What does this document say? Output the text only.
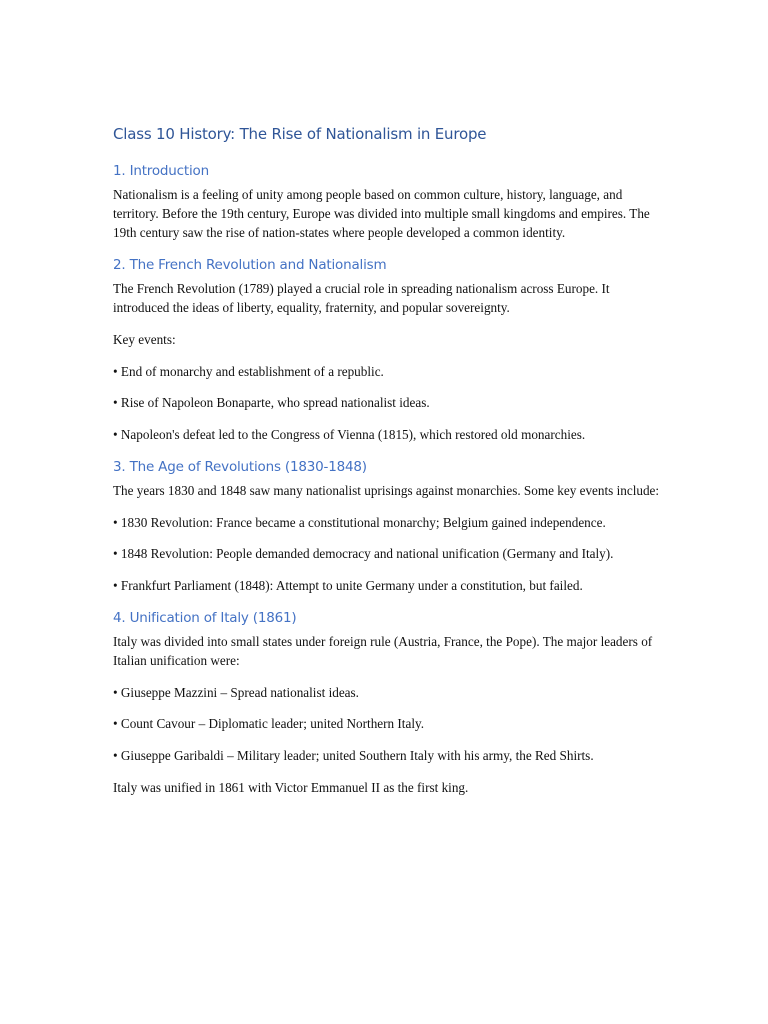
Class 10 History: The Rise of Nationalism in Europe
1. Introduction

Nationalism is a feeling of unity among people based on common culture, history, language, and territory. Before the 19th century, Europe was divided into multiple small kingdoms and empires. The 19th century saw the rise of nation-states where people developed a common identity.

2. The French Revolution and Nationalism

The French Revolution (1789) played a crucial role in spreading nationalism across Europe. It introduced the ideas of liberty, equality, fraternity, and popular sovereignty.

Key events:

• End of monarchy and establishment of a republic.

• Rise of Napoleon Bonaparte, who spread nationalist ideas.

• Napoleon's defeat led to the Congress of Vienna (1815), which restored old monarchies.

3. The Age of Revolutions (1830-1848)

The years 1830 and 1848 saw many nationalist uprisings against monarchies. Some key events include:

• 1830 Revolution: France became a constitutional monarchy; Belgium gained independence.

• 1848 Revolution: People demanded democracy and national unification (Germany and Italy).

• Frankfurt Parliament (1848): Attempt to unite Germany under a constitution, but failed.

4. Unification of Italy (1861)

Italy was divided into small states under foreign rule (Austria, France, the Pope). The major leaders of Italian unification were:

• Giuseppe Mazzini – Spread nationalist ideas.

• Count Cavour – Diplomatic leader; united Northern Italy.

• Giuseppe Garibaldi – Military leader; united Southern Italy with his army, the Red Shirts.

Italy was unified in 1861 with Victor Emmanuel II as the first king.
